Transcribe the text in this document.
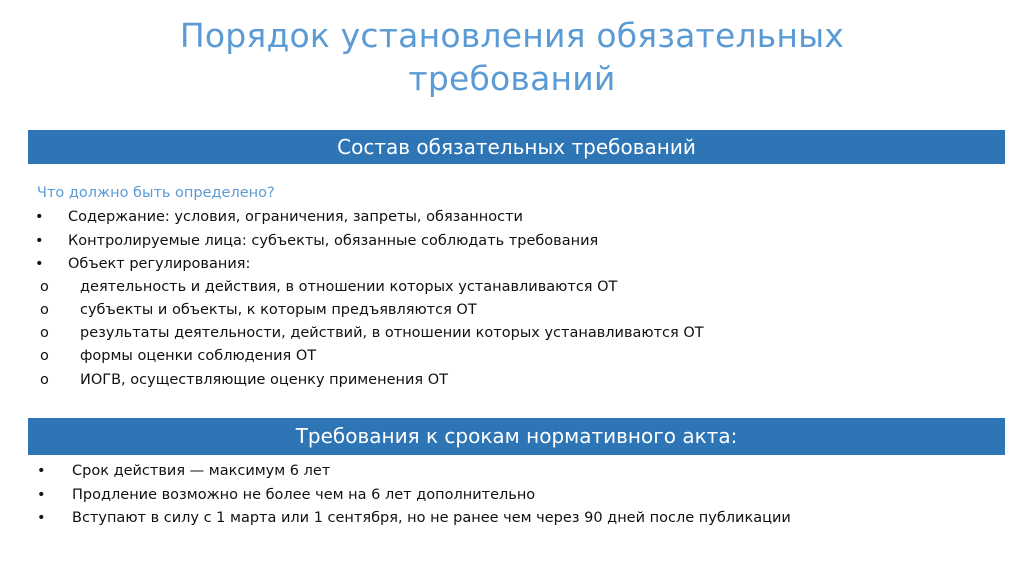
Порядок установления обязательных
требований
Состав обязательных требований
Что должно быть определено?
• Содержание: условия, ограничения, запреты, обязанности
• Контролируемые лица: субъекты, обязанные соблюдать требования
• Объект регулирования:
o деятельность и действия, в отношении которых устанавливаются ОТ
o субъекты и объекты, к которым предъявляются ОТ
o результаты деятельности, действий, в отношении которых устанавливаются ОТ
o формы оценки соблюдения ОТ
o ИОГВ, осуществляющие оценку применения ОТ
Требования к срокам нормативного акта:
• Срок действия — максимум 6 лет
• Продление возможно не более чем на 6 лет дополнительно
• Вступают в силу с 1 марта или 1 сентября, но не ранее чем через 90 дней после публикации
